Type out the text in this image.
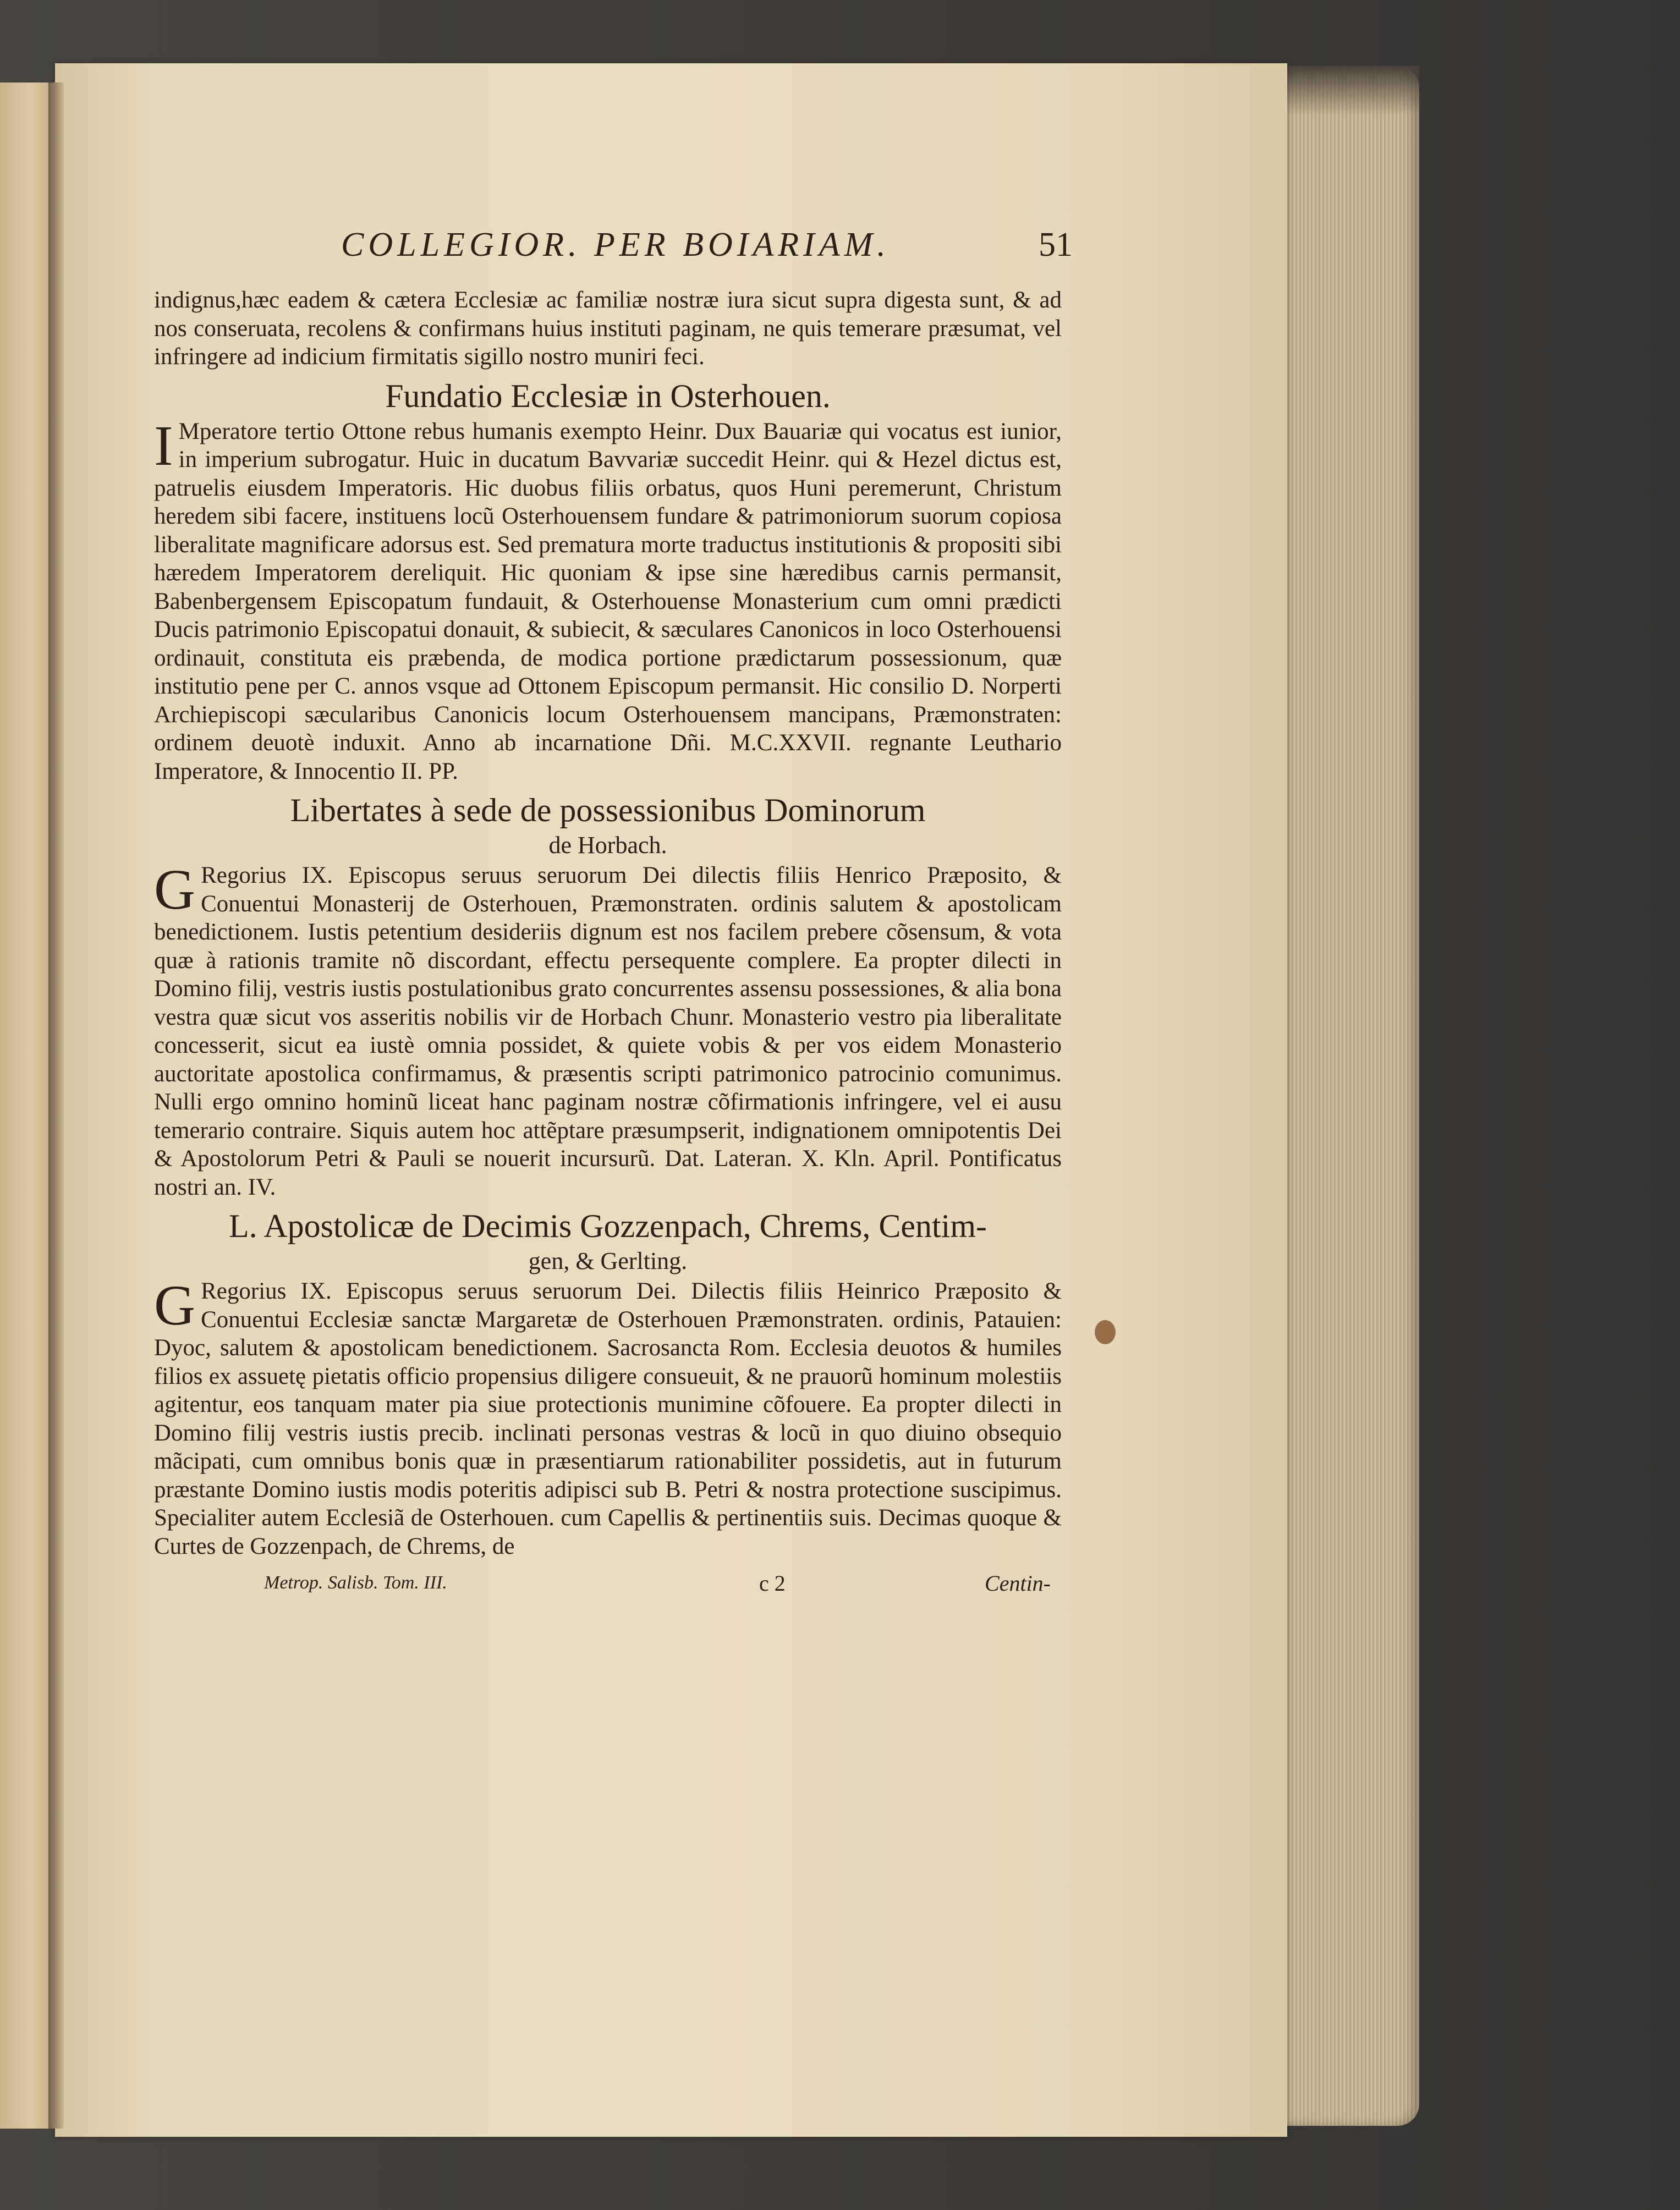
COLLEGIOR. PER BOIARIAM.	51

indignus,hæc eadem & cætera Ecclesiæ ac familiæ nostræ iura sicut supra digesta sunt, & ad nos conseruata, recolens & confirmans huius instituti paginam, ne quis temerare præsumat, vel infringere ad indicium firmitatis sigillo nostro muniri feci.

Fundatio Ecclesiæ in Osterhouen.

I Mperatore tertio Ottone rebus humanis exempto Heinr. Dux Bauariæ qui vocatus est iunior, in imperium subrogatur. Huic in ducatum Bavvariæ succedit Heinr. qui & Hezel dictus est, patruelis eiusdem Imperatoris. Hic duobus filiis orbatus, quos Huni peremerunt, Christum heredem sibi facere, instituens locũ Osterhouensem fundare & patrimoniorum suorum copiosa liberalitate magnificare adorsus est. Sed prematura morte traductus institutionis & propositi sibi hæredem Imperatorem dereliquit. Hic quoniam & ipse sine hæredibus carnis permansit, Babenbergensem Episcopatum fundauit, & Osterhouense Monasterium cum omni prædicti Ducis patrimonio Episcopatui donauit, & subiecit, & sæculares Canonicos in loco Osterhouensi ordinauit, constituta eis præbenda, de modica portione prædictarum possessionum, quæ institutio pene per C. annos vsque ad Ottonem Episcopum permansit. Hic consilio D. Norperti Archiepiscopi sæcularibus Canonicis locum Osterhouensem mancipans, Præmonstraten: ordinem deuotè induxit. Anno ab incarnatione Dñi. M.C.XXVII. regnante Leuthario Imperatore, & Innocentio II. PP.

Libertates à sede de possessionibus Dominorum
de Horbach.

G Regorius IX. Episcopus seruus seruorum Dei dilectis filiis Henrico Præposito, & Conuentui Monasterij de Osterhouen, Præmonstraten. ordinis salutem & apostolicam benedictionem. Iustis petentium desideriis dignum est nos facilem prebere cõsensum, & vota quæ à rationis tramite nõ discordant, effectu persequente complere. Ea propter dilecti in Domino filij, vestris iustis postulationibus grato concurrentes assensu possessiones, & alia bona vestra quæ sicut vos asseritis nobilis vir de Horbach Chunr. Monasterio vestro pia liberalitate concesserit, sicut ea iustè omnia possidet, & quiete vobis & per vos eidem Monasterio auctoritate apostolica confirmamus, & præsentis scripti patrimonico patrocinio comunimus. Nulli ergo omnino hominũ liceat hanc paginam nostræ cõfirmationis infringere, vel ei ausu temerario contraire. Siquis autem hoc attẽptare præsumpserit, indignationem omnipotentis Dei & Apostolorum Petri & Pauli se nouerit incursurũ. Dat. Lateran. X. Kln. April. Pontificatus nostri an. IV.

L. Apostolicæ de Decimis Gozzenpach, Chrems, Centim-
gen, & Gerlting.

G Regorius IX. Episcopus seruus seruorum Dei. Dilectis filiis Heinrico Præposito & Conuentui Ecclesiæ sanctæ Margaretæ de Osterhouen Præmonstraten. ordinis, Patauien: Dyoc, salutem & apostolicam benedictionem. Sacrosancta Rom. Ecclesia deuotos & humiles filios ex assuetę pietatis officio propensius diligere consueuit, & ne prauorũ hominum molestiis agitentur, eos tanquam mater pia siue protectionis munimine cõfouere. Ea propter dilecti in Domino filij vestris iustis precib. inclinati personas vestras & locũ in quo diuino obsequio mãcipati, cum omnibus bonis quæ in præsentiarum rationabiliter possidetis, aut in futurum præstante Domino iustis modis poteritis adipisci sub B. Petri & nostra protectione suscipimus. Specialiter autem Ecclesiã de Osterhouen. cum Capellis & pertinentiis suis. Decimas quoque & Curtes de Gozzenpach, de Chrems, de

Metrop. Salisb. Tom. III.	c 2	Centin-
